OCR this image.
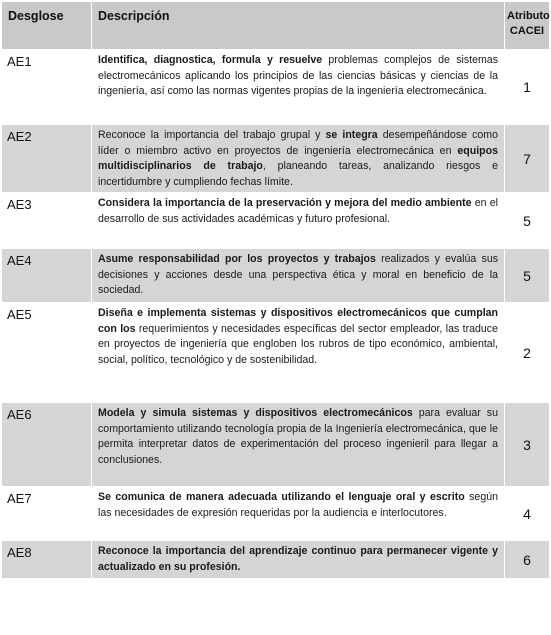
Desglose	Descripción	Atributo
CACEI
AE1	Identifica, diagnostica, formula y resuelve problemas complejos de sistemas electromecánicos aplicando los principios de las ciencias básicas y ciencias de la ingeniería, así como las normas vigentes propias de la ingeniería electromecánica.	1
AE2	Reconoce la importancia del trabajo grupal y se integra desempeñándose como líder o miembro activo en proyectos de ingeniería electromecánica en equipos multidisciplinarios de trabajo, planeando tareas, analizando riesgos e incertidumbre y cumpliendo fechas límite.	7
AE3	Considera la importancia de la preservación y mejora del medio ambiente en el desarrollo de sus actividades académicas y futuro profesional.	5
AE4	Asume responsabilidad por los proyectos y trabajos realizados y evalúa sus decisiones y acciones desde una perspectiva ética y moral en beneficio de la sociedad.	5
AE5	Diseña e implementa sistemas y dispositivos electromecánicos que cumplan con los requerimientos y necesidades específicas del sector empleador, las traduce en proyectos de ingeniería que engloben los rubros de tipo económico, ambiental, social, político, tecnológico y de sostenibilidad.	2
AE6	Modela y simula sistemas y dispositivos electromecánicos para evaluar su comportamiento utilizando tecnología propia de la Ingeniería electromecánica, que le permita interpretar datos de experimentación del proceso ingenieril para llegar a conclusiones.	3
AE7	Se comunica de manera adecuada utilizando el lenguaje oral y escrito según las necesidades de expresión requeridas por la audiencia e interlocutores.	4
AE8	Reconoce la importancia del aprendizaje continuo para permanecer vigente y actualizado en su profesión.	6
